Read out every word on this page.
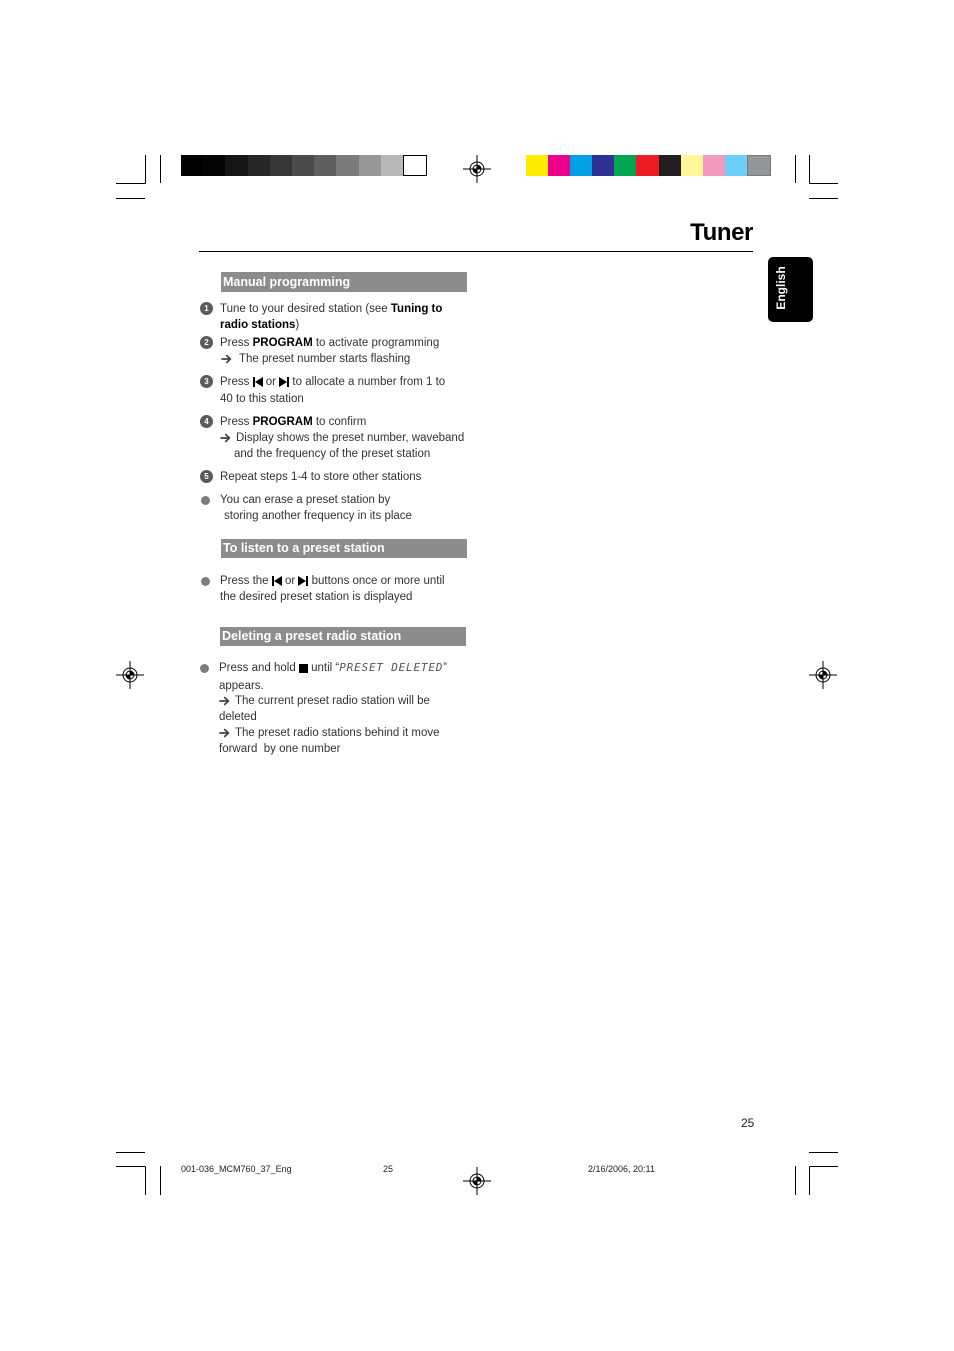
Tuner
English
Manual programming
1 Tune to your desired station (see Tuning to
radio stations )
2 Press PROGRAM to activate programming
The preset number starts flashing
3 Press or to allocate a number from 1 to
40 to this station
4 Press PROGRAM to confirm
Display shows the preset number, waveband
and the frequency of the preset station
5 Repeat steps 1-4 to store other stations
You can erase a preset station by
storing another frequency in its place
To listen to a preset station
Press the or buttons once or more until
the desired preset station is displayed
Deleting a preset radio station
Press and hold until “ PRESET DELETED ”
appears.
The current preset radio station will be
deleted
The preset radio stations behind it move
forward  by one number
25
001-036_MCM760_37_Eng	25	2/16/2006, 20:11
